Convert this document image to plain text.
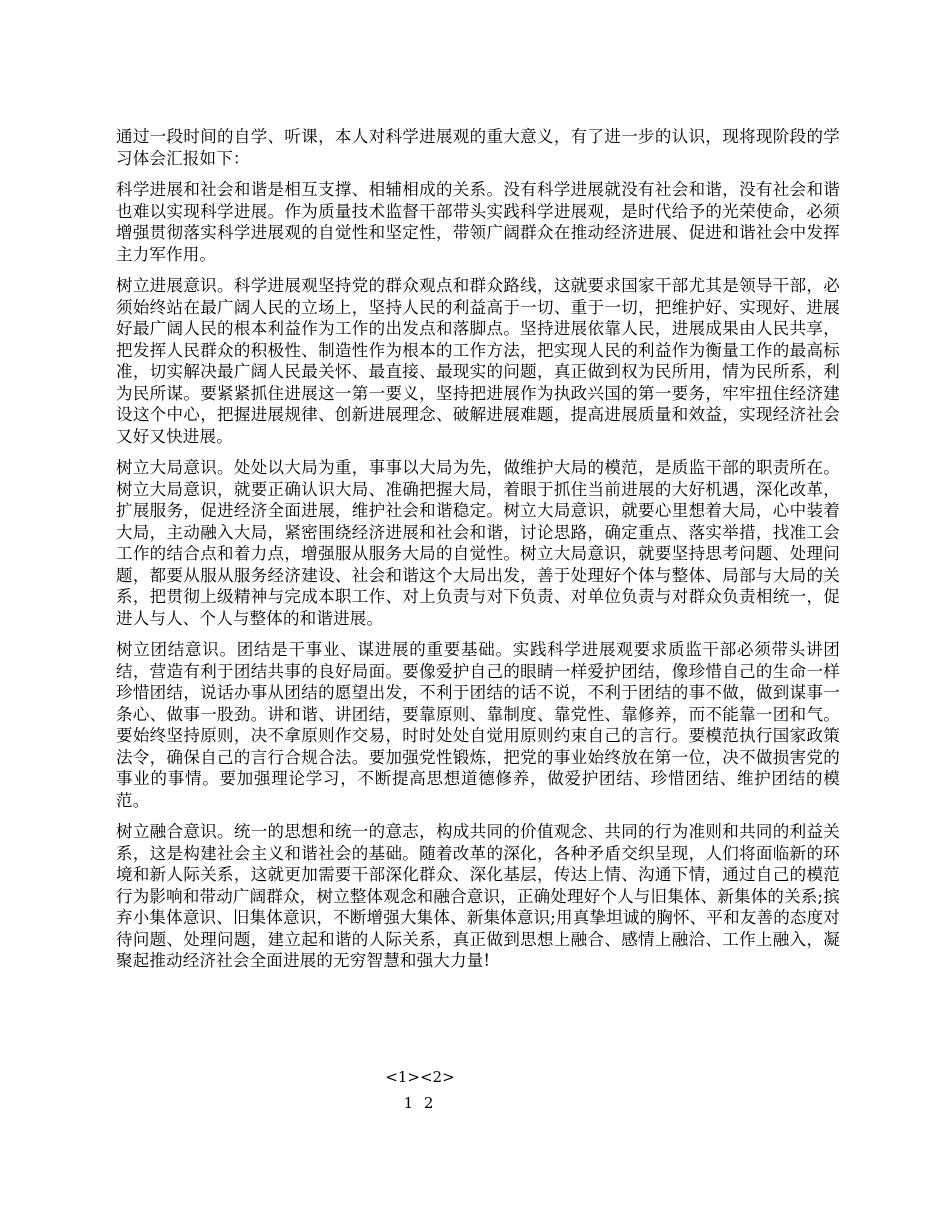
通过一段时间的自学、听课，本人对科学进展观的重大意义，有了进一步的认识，现将现阶段的学习体会汇报如下：

科学进展和社会和谐是相互支撑、相辅相成的关系。没有科学进展就没有社会和谐，没有社会和谐也难以实现科学进展。作为质量技术监督干部带头实践科学进展观，是时代给予的光荣使命，必须增强贯彻落实科学进展观的自觉性和坚定性，带领广阔群众在推动经济进展、促进和谐社会中发挥主力军作用。

树立进展意识。科学进展观坚持党的群众观点和群众路线，这就要求国家干部尤其是领导干部，必须始终站在最广阔人民的立场上，坚持人民的利益高于一切、重于一切，把维护好、实现好、进展好最广阔人民的根本利益作为工作的出发点和落脚点。坚持进展依靠人民，进展成果由人民共享，把发挥人民群众的积极性、制造性作为根本的工作方法，把实现人民的利益作为衡量工作的最高标准，切实解决最广阔人民最关怀、最直接、最现实的问题，真正做到权为民所用，情为民所系，利为民所谋。要紧紧抓住进展这一第一要义，坚持把进展作为执政兴国的第一要务，牢牢扭住经济建设这个中心，把握进展规律、创新进展理念、破解进展难题，提高进展质量和效益，实现经济社会又好又快进展。

树立大局意识。处处以大局为重，事事以大局为先，做维护大局的模范，是质监干部的职责所在。树立大局意识，就要正确认识大局、准确把握大局，着眼于抓住当前进展的大好机遇，深化改革，扩展服务，促进经济全面进展，维护社会和谐稳定。树立大局意识，就要心里想着大局，心中装着大局，主动融入大局，紧密围绕经济进展和社会和谐，讨论思路，确定重点、落实举措，找准工会工作的结合点和着力点，增强服从服务大局的自觉性。树立大局意识，就要坚持思考问题、处理问题，都要从服从服务经济建设、社会和谐这个大局出发，善于处理好个体与整体、局部与大局的关系，把贯彻上级精神与完成本职工作、对上负责与对下负责、对单位负责与对群众负责相统一，促进人与人、个人与整体的和谐进展。

树立团结意识。团结是干事业、谋进展的重要基础。实践科学进展观要求质监干部必须带头讲团结，营造有利于团结共事的良好局面。要像爱护自己的眼睛一样爱护团结，像珍惜自己的生命一样珍惜团结，说话办事从团结的愿望出发，不利于团结的话不说，不利于团结的事不做，做到谋事一条心、做事一股劲。讲和谐、讲团结，要靠原则、靠制度、靠党性、靠修养，而不能靠一团和气。要始终坚持原则，决不拿原则作交易，时时处处自觉用原则约束自己的言行。要模范执行国家政策法令，确保自己的言行合规合法。要加强党性锻炼，把党的事业始终放在第一位，决不做损害党的事业的事情。要加强理论学习，不断提高思想道德修养，做爱护团结、珍惜团结、维护团结的模范。

树立融合意识。统一的思想和统一的意志，构成共同的价值观念、共同的行为准则和共同的利益关系，这是构建社会主义和谐社会的基础。随着改革的深化，各种矛盾交织呈现，人们将面临新的环境和新人际关系，这就更加需要干部深化群众、深化基层，传达上情、沟通下情，通过自己的模范行为影响和带动广阔群众，树立整体观念和融合意识，正确处理好个人与旧集体、新集体的关系;摈弃小集体意识、旧集体意识，不断增强大集体、新集体意识;用真挚坦诚的胸怀、平和友善的态度对待问题、处理问题，建立起和谐的人际关系，真正做到思想上融合、感情上融洽、工作上融入，凝聚起推动经济社会全面进展的无穷智慧和强大力量!

<1><2>
1 2
